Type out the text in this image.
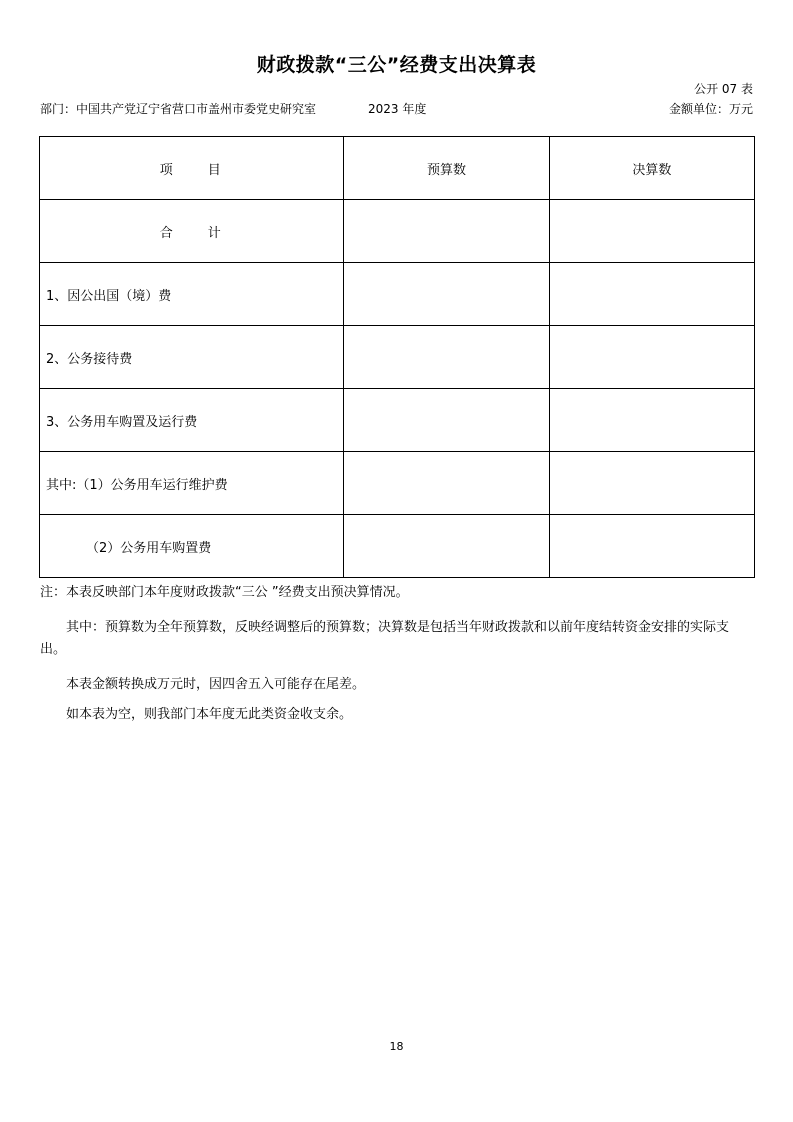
财政拨款“三公”经费支出决算表
公开 07 表
部门：中国共产党辽宁省营口市盖州市委党史研究室	2023 年度	金额单位：万元
项　　目	预算数	决算数
合　　计		
1、因公出国（境）费		
2、公务接待费		
3、公务用车购置及运行费		
其中:（1）公务用车运行维护费		
（2）公务用车购置费		

注：本表反映部门本年度财政拨款“三公 ”经费支出预决算情况。

其中：预算数为全年预算数，反映经调整后的预算数；决算数是包括当年财政拨款和以前年度结转资金安排的实际支出。

本表金额转换成万元时，因四舍五入可能存在尾差。

如本表为空，则我部门本年度无此类资金收支余。

18
